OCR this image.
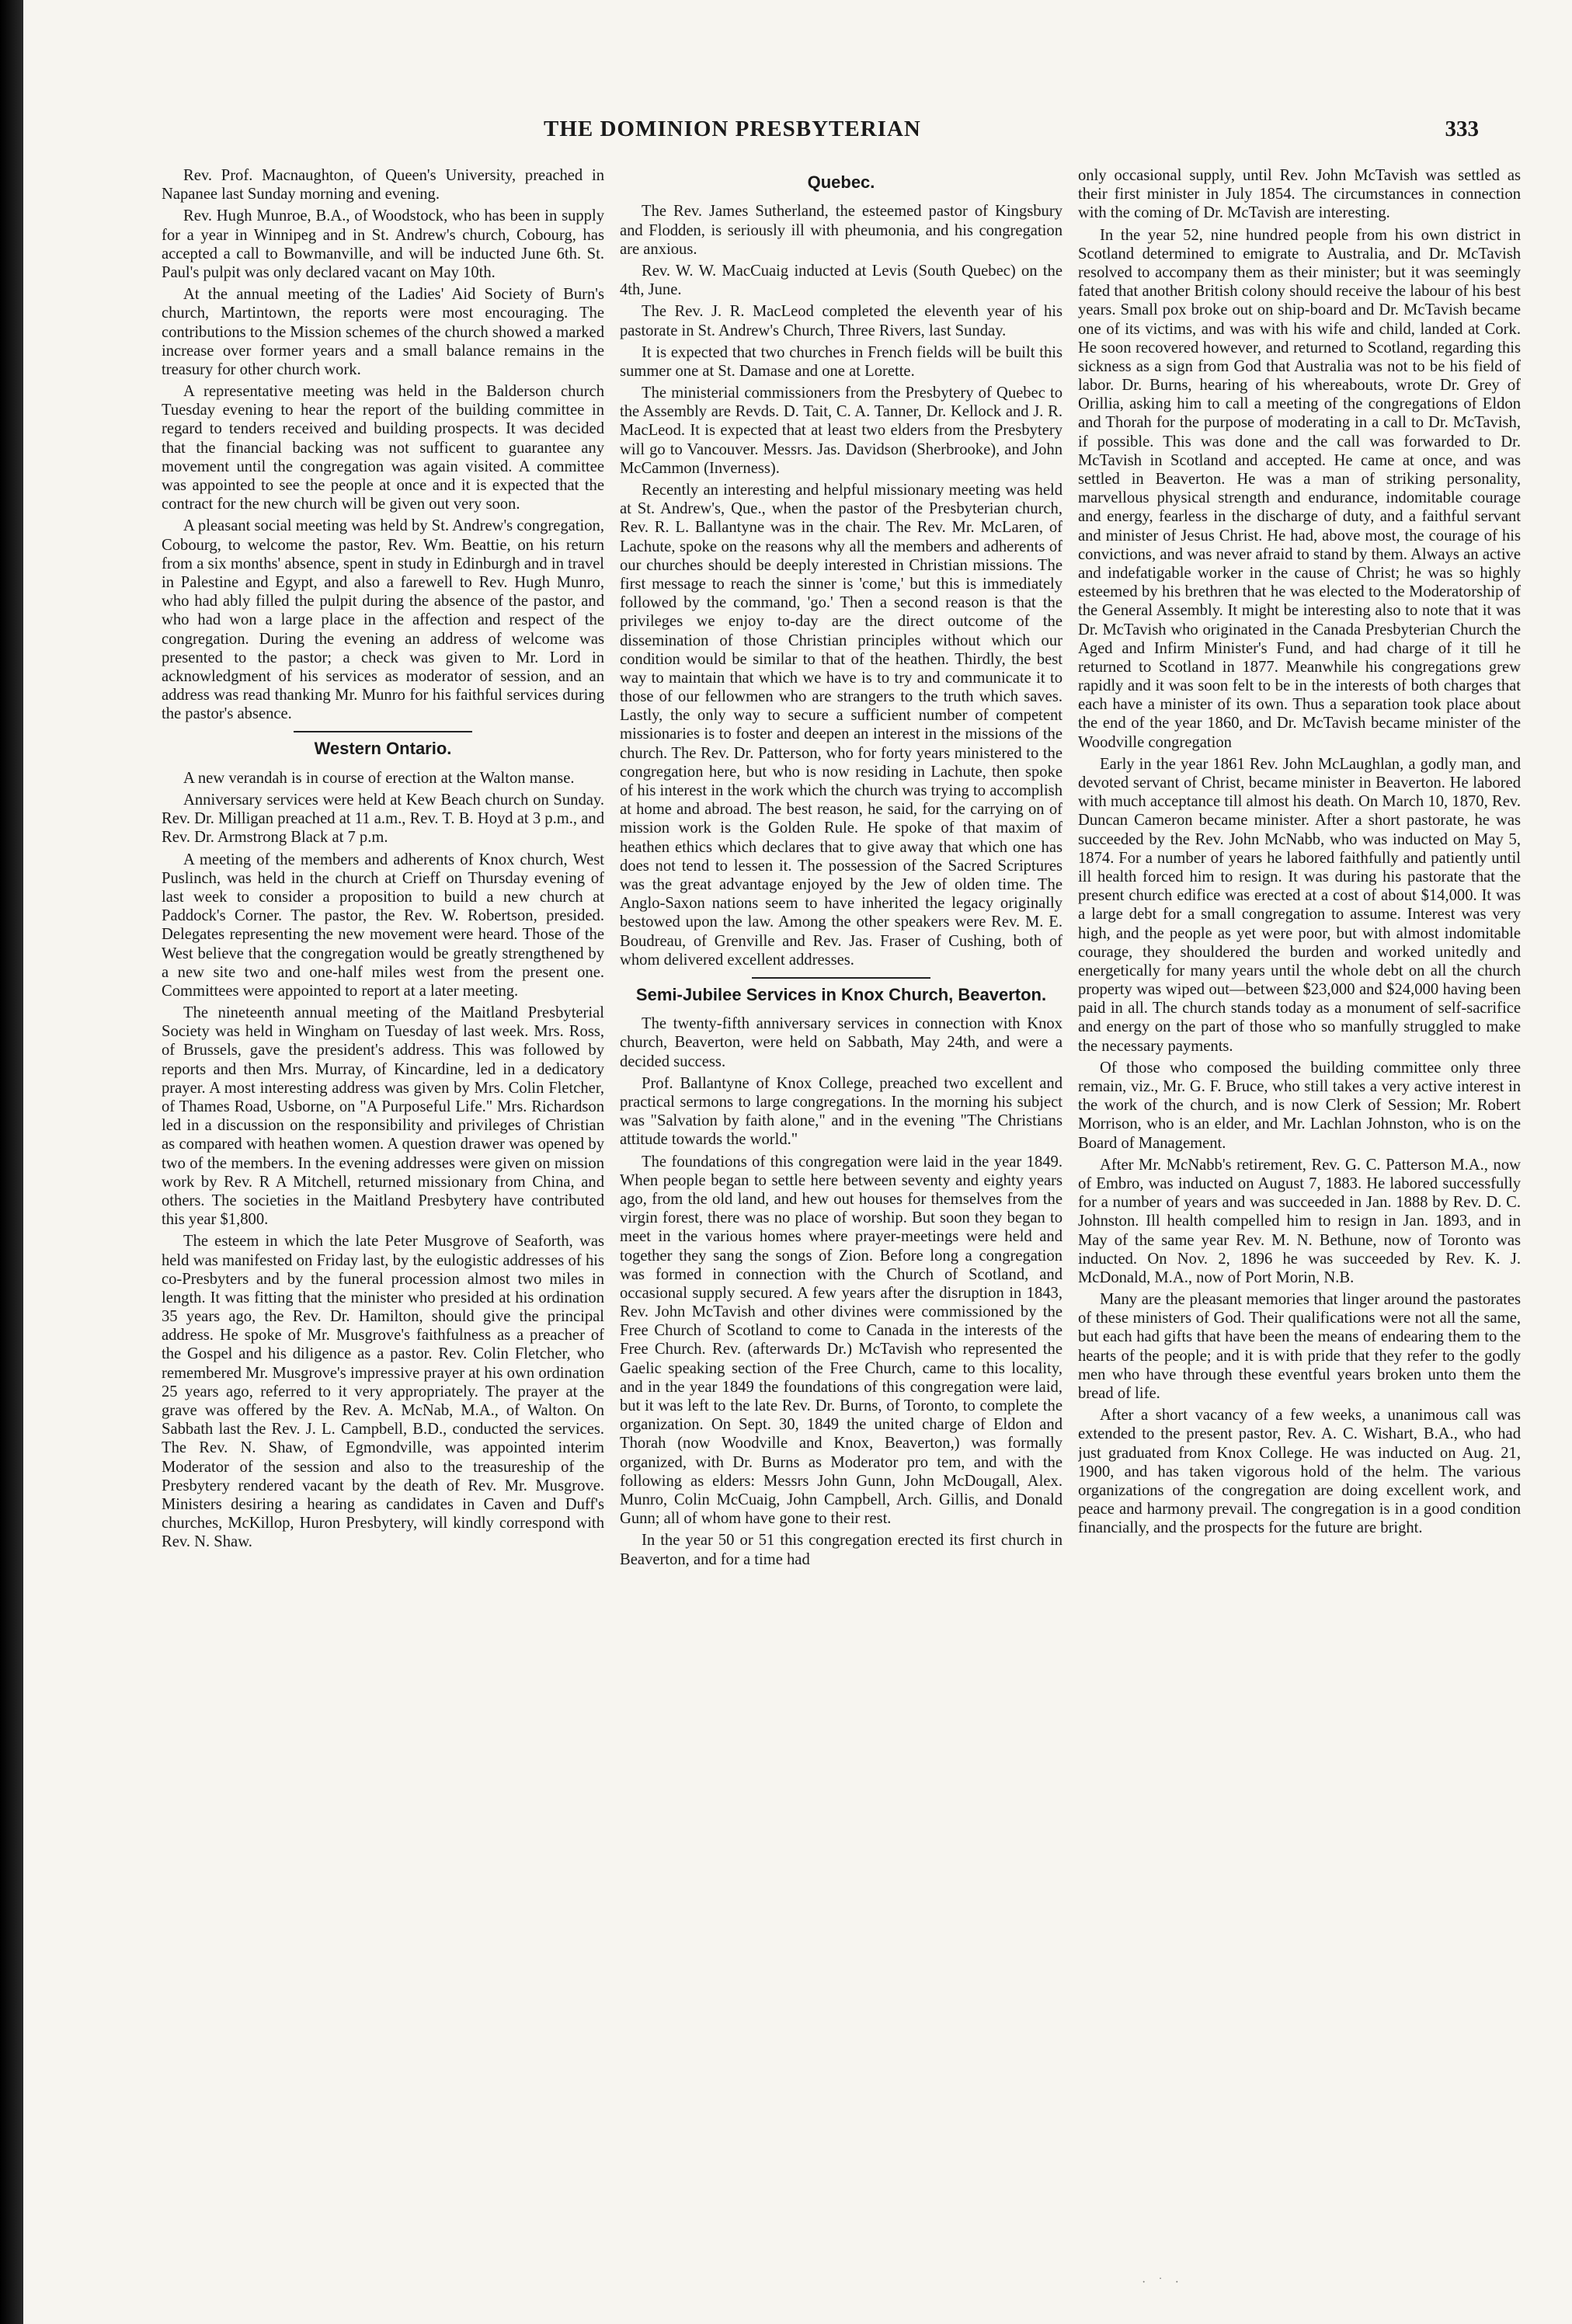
THE DOMINION PRESBYTERIAN	333

Rev. Prof. Macnaughton, of Queen's University, preached in Napanee last Sunday morning and evening.

Rev. Hugh Munroe, B.A., of Woodstock, who has been in supply for a year in Winnipeg and in St. Andrew's church, Cobourg, has accepted a call to Bowmanville, and will be inducted June 6th. St. Paul's pulpit was only declared vacant on May 10th.

At the annual meeting of the Ladies' Aid Society of Burn's church, Martintown, the reports were most encouraging. The contributions to the Mission schemes of the church showed a marked increase over former years and a small balance remains in the treasury for other church work.

A representative meeting was held in the Balderson church Tuesday evening to hear the report of the building committee in regard to tenders received and building prospects. It was decided that the financial backing was not sufficent to guarantee any movement until the congregation was again visited. A committee was appointed to see the people at once and it is expected that the contract for the new church will be given out very soon.

A pleasant social meeting was held by St. Andrew's congregation, Cobourg, to welcome the pastor, Rev. Wm. Beattie, on his return from a six months' absence, spent in study in Edinburgh and in travel in Palestine and Egypt, and also a farewell to Rev. Hugh Munro, who had ably filled the pulpit during the absence of the pastor, and who had won a large place in the affection and respect of the congregation. During the evening an address of welcome was presented to the pastor; a check was given to Mr. Lord in acknowledgment of his services as moderator of session, and an address was read thanking Mr. Munro for his faithful services during the pastor's absence.

Western Ontario.

A new verandah is in course of erection at the Walton manse.

Anniversary services were held at Kew Beach church on Sunday. Rev. Dr. Milligan preached at 11 a.m., Rev. T. B. Hoyd at 3 p.m., and Rev. Dr. Armstrong Black at 7 p.m.

A meeting of the members and adherents of Knox church, West Puslinch, was held in the church at Crieff on Thursday evening of last week to consider a proposition to build a new church at Paddock's Corner. The pastor, the Rev. W. Robertson, presided. Delegates representing the new movement were heard. Those of the West believe that the congregation would be greatly strengthened by a new site two and one-half miles west from the present one. Committees were appointed to report at a later meeting.

The nineteenth annual meeting of the Maitland Presbyterial Society was held in Wingham on Tuesday of last week. Mrs. Ross, of Brussels, gave the president's address. This was followed by reports and then Mrs. Murray, of Kincardine, led in a dedicatory prayer. A most interesting address was given by Mrs. Colin Fletcher, of Thames Road, Usborne, on "A Purposeful Life." Mrs. Richardson led in a discussion on the responsibility and privileges of Christian as compared with heathen women. A question drawer was opened by two of the members. In the evening addresses were given on mission work by Rev. R A Mitchell, returned missionary from China, and others. The societies in the Maitland Presbytery have contributed this year $1,800.

The esteem in which the late Peter Musgrove of Seaforth, was held was manifested on Friday last, by the eulogistic addresses of his co-Presbyters and by the funeral procession almost two miles in length. It was fitting that the minister who presided at his ordination 35 years ago, the Rev. Dr. Hamilton, should give the principal address. He spoke of Mr. Musgrove's faithfulness as a preacher of the Gospel and his diligence as a pastor. Rev. Colin Fletcher, who remembered Mr. Musgrove's impressive prayer at his own ordination 25 years ago, referred to it very appropriately. The prayer at the grave was offered by the Rev. A. McNab, M.A., of Walton. On Sabbath last the Rev. J. L. Campbell, B.D., conducted the services. The Rev. N. Shaw, of Egmondville, was appointed interim Moderator of the session and also to the treasureship of the Presbytery rendered vacant by the death of Rev. Mr. Musgrove. Ministers desiring a hearing as candidates in Caven and Duff's churches, McKillop, Huron Presbytery, will kindly correspond with Rev. N. Shaw.

Quebec.

The Rev. James Sutherland, the esteemed pastor of Kingsbury and Flodden, is seriously ill with pheumonia, and his congregation are anxious.

Rev. W. W. MacCuaig inducted at Levis (South Quebec) on the 4th, June.

The Rev. J. R. MacLeod completed the eleventh year of his pastorate in St. Andrew's Church, Three Rivers, last Sunday.

It is expected that two churches in French fields will be built this summer one at St. Damase and one at Lorette.

The ministerial commissioners from the Presbytery of Quebec to the Assembly are Revds. D. Tait, C. A. Tanner, Dr. Kellock and J. R. MacLeod. It is expected that at least two elders from the Presbytery will go to Vancouver. Messrs. Jas. Davidson (Sherbrooke), and John McCammon (Inverness).

Recently an interesting and helpful missionary meeting was held at St. Andrew's, Que., when the pastor of the Presbyterian church, Rev. R. L. Ballantyne was in the chair. The Rev. Mr. McLaren, of Lachute, spoke on the reasons why all the members and adherents of our churches should be deeply interested in Christian missions. The first message to reach the sinner is 'come,' but this is immediately followed by the command, 'go.' Then a second reason is that the privileges we enjoy to-day are the direct outcome of the dissemination of those Christian principles without which our condition would be similar to that of the heathen. Thirdly, the best way to maintain that which we have is to try and communicate it to those of our fellowmen who are strangers to the truth which saves. Lastly, the only way to secure a sufficient number of competent missionaries is to foster and deepen an interest in the missions of the church. The Rev. Dr. Patterson, who for forty years ministered to the congregation here, but who is now residing in Lachute, then spoke of his interest in the work which the church was trying to accomplish at home and abroad. The best reason, he said, for the carrying on of mission work is the Golden Rule. He spoke of that maxim of heathen ethics which declares that to give away that which one has does not tend to lessen it. The possession of the Sacred Scriptures was the great advantage enjoyed by the Jew of olden time. The Anglo-Saxon nations seem to have inherited the legacy originally bestowed upon the law. Among the other speakers were Rev. M. E. Boudreau, of Grenville and Rev. Jas. Fraser of Cushing, both of whom delivered excellent addresses.

Semi-Jubilee Services in Knox Church, Beaverton.

The twenty-fifth anniversary services in connection with Knox church, Beaverton, were held on Sabbath, May 24th, and were a decided success.

Prof. Ballantyne of Knox College, preached two excellent and practical sermons to large congregations. In the morning his subject was "Salvation by faith alone," and in the evening "The Christians attitude towards the world."

The foundations of this congregation were laid in the year 1849. When people began to settle here between seventy and eighty years ago, from the old land, and hew out houses for themselves from the virgin forest, there was no place of worship. But soon they began to meet in the various homes where prayer-meetings were held and together they sang the songs of Zion. Before long a congregation was formed in connection with the Church of Scotland, and occasional supply secured. A few years after the disruption in 1843, Rev. John McTavish and other divines were commissioned by the Free Church of Scotland to come to Canada in the interests of the Free Church. Rev. (afterwards Dr.) McTavish who represented the Gaelic speaking section of the Free Church, came to this locality, and in the year 1849 the foundations of this congregation were laid, but it was left to the late Rev. Dr. Burns, of Toronto, to complete the organization. On Sept. 30, 1849 the united charge of Eldon and Thorah (now Woodville and Knox, Beaverton,) was formally organized, with Dr. Burns as Moderator pro tem, and with the following as elders: Messrs John Gunn, John McDougall, Alex. Munro, Colin McCuaig, John Campbell, Arch. Gillis, and Donald Gunn; all of whom have gone to their rest.

In the year 50 or 51 this congregation erected its first church in Beaverton, and for a time had

only occasional supply, until Rev. John McTavish was settled as their first minister in July 1854. The circumstances in connection with the coming of Dr. McTavish are interesting.

In the year 52, nine hundred people from his own district in Scotland determined to emigrate to Australia, and Dr. McTavish resolved to accompany them as their minister; but it was seemingly fated that another British colony should receive the labour of his best years. Small pox broke out on ship-board and Dr. McTavish became one of its victims, and was with his wife and child, landed at Cork. He soon recovered however, and returned to Scotland, regarding this sickness as a sign from God that Australia was not to be his field of labor. Dr. Burns, hearing of his whereabouts, wrote Dr. Grey of Orillia, asking him to call a meeting of the congregations of Eldon and Thorah for the purpose of moderating in a call to Dr. McTavish, if possible. This was done and the call was forwarded to Dr. McTavish in Scotland and accepted. He came at once, and was settled in Beaverton. He was a man of striking personality, marvellous physical strength and endurance, indomitable courage and energy, fearless in the discharge of duty, and a faithful servant and minister of Jesus Christ. He had, above most, the courage of his convictions, and was never afraid to stand by them. Always an active and indefatigable worker in the cause of Christ; he was so highly esteemed by his brethren that he was elected to the Moderatorship of the General Assembly. It might be interesting also to note that it was Dr. McTavish who originated in the Canada Presbyterian Church the Aged and Infirm Minister's Fund, and had charge of it till he returned to Scotland in 1877. Meanwhile his congregations grew rapidly and it was soon felt to be in the interests of both charges that each have a minister of its own. Thus a separation took place about the end of the year 1860, and Dr. McTavish became minister of the Woodville congregation

Early in the year 1861 Rev. John McLaughlan, a godly man, and devoted servant of Christ, became minister in Beaverton. He labored with much acceptance till almost his death. On March 10, 1870, Rev. Duncan Cameron became minister. After a short pastorate, he was succeeded by the Rev. John McNabb, who was inducted on May 5, 1874. For a number of years he labored faithfully and patiently until ill health forced him to resign. It was during his pastorate that the present church edifice was erected at a cost of about $14,000. It was a large debt for a small congregation to assume. Interest was very high, and the people as yet were poor, but with almost indomitable courage, they shouldered the burden and worked unitedly and energetically for many years until the whole debt on all the church property was wiped out—between $23,000 and $24,000 having been paid in all. The church stands today as a monument of self-sacrifice and energy on the part of those who so manfully struggled to make the necessary payments.

Of those who composed the building committee only three remain, viz., Mr. G. F. Bruce, who still takes a very active interest in the work of the church, and is now Clerk of Session; Mr. Robert Morrison, who is an elder, and Mr. Lachlan Johnston, who is on the Board of Management.

After Mr. McNabb's retirement, Rev. G. C. Patterson M.A., now of Embro, was inducted on August 7, 1883. He labored successfully for a number of years and was succeeded in Jan. 1888 by Rev. D. C. Johnston. Ill health compelled him to resign in Jan. 1893, and in May of the same year Rev. M. N. Bethune, now of Toronto was inducted. On Nov. 2, 1896 he was succeeded by Rev. K. J. McDonald, M.A., now of Port Morin, N.B.

Many are the pleasant memories that linger around the pastorates of these ministers of God. Their qualifications were not all the same, but each had gifts that have been the means of endearing them to the hearts of the people; and it is with pride that they refer to the godly men who have through these eventful years broken unto them the bread of life.

After a short vacancy of a few weeks, a unanimous call was extended to the present pastor, Rev. A. C. Wishart, B.A., who had just graduated from Knox College. He was inducted on Aug. 21, 1900, and has taken vigorous hold of the helm. The various organizations of the congregation are doing excellent work, and peace and harmony prevail. The congregation is in a good condition financially, and the prospects for the future are bright.

· ˙ ·
